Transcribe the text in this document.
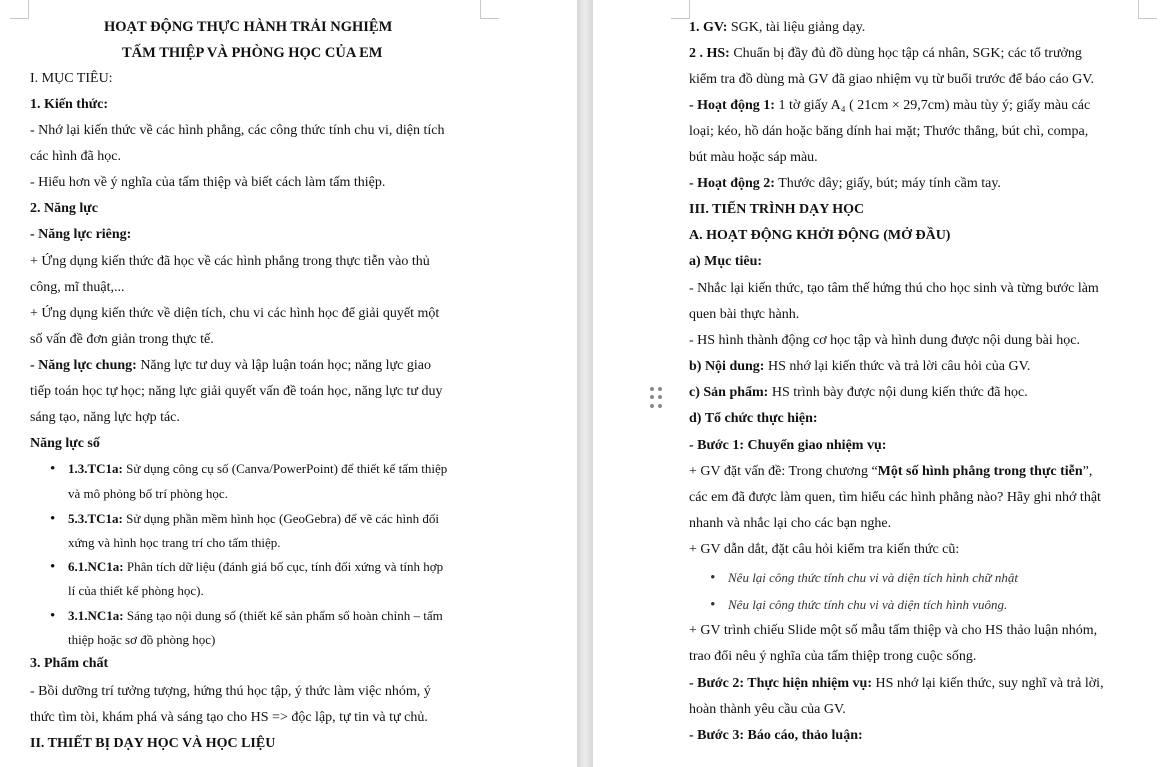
HOẠT ĐỘNG THỰC HÀNH TRẢI NGHIỆM
TẤM THIỆP VÀ PHÒNG HỌC CỦA EM
I. MỤC TIÊU:
1. Kiến thức:
- Nhớ lại kiến thức về các hình phẳng, các công thức tính chu vi, diện tích
các hình đã học.
- Hiểu hơn về ý nghĩa của tấm thiệp và biết cách làm tấm thiệp.
2. Năng lực
- Năng lực riêng:
+ Ứng dụng kiến thức đã học về các hình phẳng trong thực tiễn vào thủ
công, mĩ thuật,...
+ Ứng dụng kiến thức về diện tích, chu vi các hình học để giải quyết một
số vấn đề đơn giản trong thực tế.
- Năng lực chung: Năng lực tư duy và lập luận toán học; năng lực giao
tiếp toán học tự học; năng lực giải quyết vấn đề toán học, năng lực tư duy
sáng tạo, năng lực hợp tác.
Năng lực số
• 1.3.TC1a: Sử dụng công cụ số (Canva/PowerPoint) để thiết kế tấm thiệp
và mô phỏng bố trí phòng học.
• 5.3.TC1a: Sử dụng phần mềm hình học (GeoGebra) để vẽ các hình đối
xứng và hình học trang trí cho tấm thiệp.
• 6.1.NC1a: Phân tích dữ liệu (đánh giá bố cục, tính đối xứng và tính hợp
lí của thiết kế phòng học).
• 3.1.NC1a: Sáng tạo nội dung số (thiết kế sản phẩm số hoàn chỉnh – tấm
thiệp hoặc sơ đồ phòng học)
3. Phẩm chất
- Bồi dưỡng trí tưởng tượng, hứng thú học tập, ý thức làm việc nhóm, ý
thức tìm tòi, khám phá và sáng tạo cho HS => độc lập, tự tin và tự chủ.
II. THIẾT BỊ DẠY HỌC VÀ HỌC LIỆU
1. GV: SGK, tài liệu giảng dạy.
2 . HS: Chuẩn bị đầy đủ đồ dùng học tập cá nhân, SGK; các tổ trưởng
kiểm tra đồ dùng mà GV đã giao nhiệm vụ từ buổi trước để báo cáo GV.
- Hoạt động 1: 1 tờ giấy A₄ ( 21cm × 29,7cm) màu tùy ý; giấy màu các
loại; kéo, hồ dán hoặc băng dính hai mặt; Thước thẳng, bút chì, compa,
bút màu hoặc sáp màu.
- Hoạt động 2: Thước dây; giấy, bút; máy tính cầm tay.
III. TIẾN TRÌNH DẠY HỌC
A. HOẠT ĐỘNG KHỞI ĐỘNG (MỞ ĐẦU)
a) Mục tiêu:
- Nhắc lại kiến thức, tạo tâm thế hứng thú cho học sinh và từng bước làm
quen bài thực hành.
- HS hình thành động cơ học tập và hình dung được nội dung bài học.
b) Nội dung: HS nhớ lại kiến thức và trả lời câu hỏi của GV.
c) Sản phẩm: HS trình bày được nội dung kiến thức đã học.
d) Tổ chức thực hiện:
- Bước 1: Chuyển giao nhiệm vụ:
+ GV đặt vấn đề: Trong chương “Một số hình phẳng trong thực tiễn”,
các em đã được làm quen, tìm hiểu các hình phẳng nào? Hãy ghi nhớ thật
nhanh và nhắc lại cho các bạn nghe.
+ GV dẫn dắt, đặt câu hỏi kiểm tra kiến thức cũ:
• Nêu lại công thức tính chu vi và diện tích hình chữ nhật
• Nêu lại công thức tính chu vi và diện tích hình vuông.
+ GV trình chiếu Slide một số mẫu tấm thiệp và cho HS thảo luận nhóm,
trao đổi nêu ý nghĩa của tấm thiệp trong cuộc sống.
- Bước 2: Thực hiện nhiệm vụ: HS nhớ lại kiến thức, suy nghĩ và trả lời,
hoàn thành yêu cầu của GV.
- Bước 3: Báo cáo, thảo luận:
